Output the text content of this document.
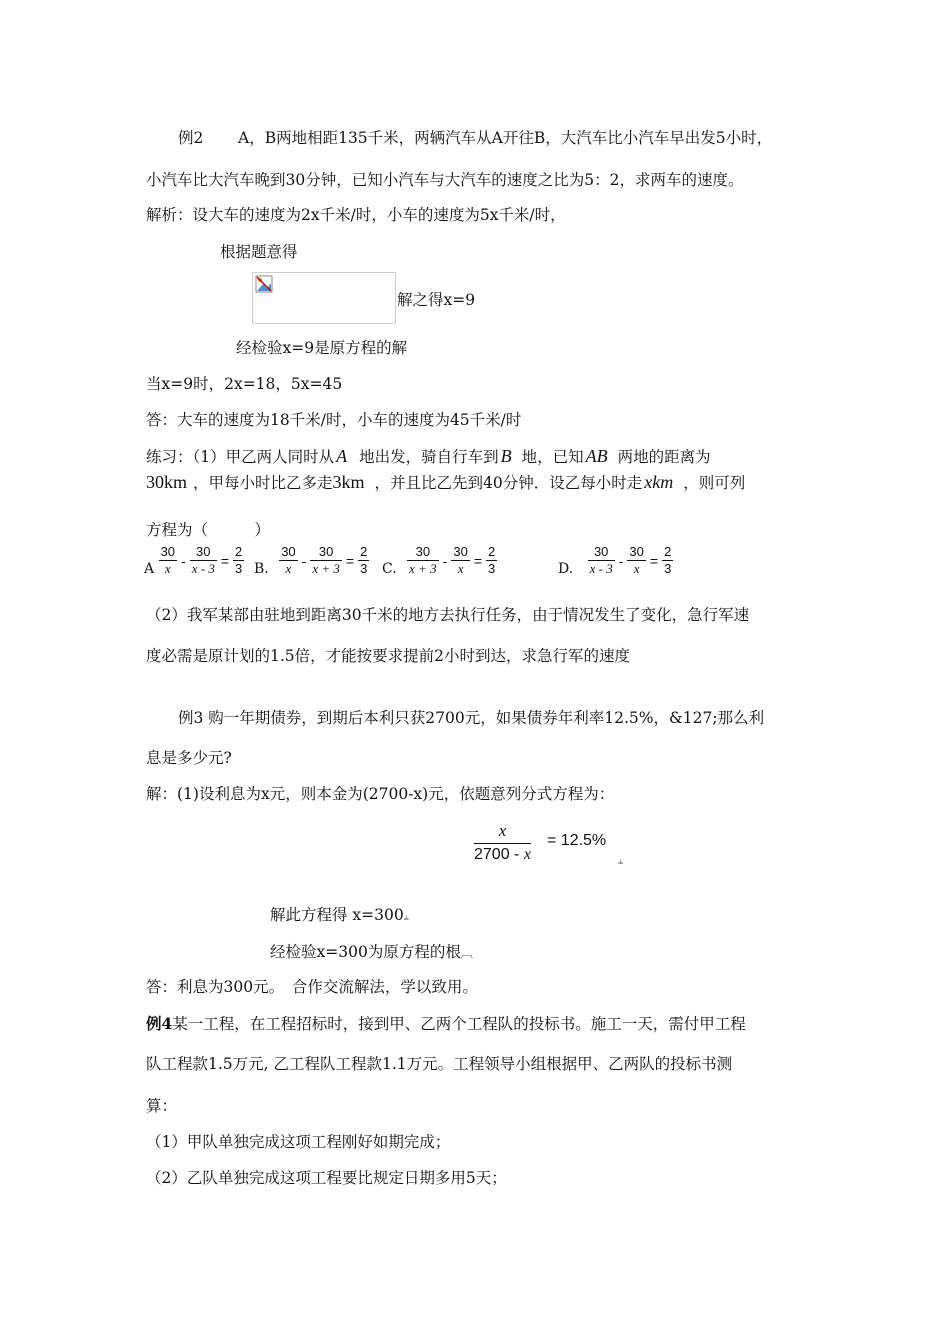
例2 A，B两地相距135千米，两辆汽车从A开往B，大汽车比小汽车早出发5小时，
小汽车比大汽车晚到30分钟，已知小汽车与大汽车的速度之比为5：2，求两车的速度。
解析：设大车的速度为2x千米/时，小车的速度为5x千米/时，
根据题意得
解之得x=9
经检验x=9是原方程的解
当x=9时，2x=18，5x=45
答：大车的速度为18千米/时，小车的速度为45千米/时
练习：（1）甲乙两人同时从 A 地出发，骑自行车到 B 地，已知 AB 两地的距离为
30km ，甲每小时比乙多走3km ，并且比乙先到40分钟．设乙每小时走 xkm ，则可列
方程为（　　　）
A $\frac{30}{x} - \frac{30}{x - 3} = \frac{2}{3} B$. $\frac{30}{x} - \frac{30}{x + 3} = \frac{2}{3} C$. $\frac{30}{x + 3} - \frac{30}{x} = \frac{2}{3}$	D. $\frac{30}{x - 3} - \frac{30}{x} = \frac{2}{3}$
（2）我军某部由驻地到距离30千米的地方去执行任务，由于情况发生了变化，急行军速
度必需是原计划的1.5倍，才能按要求提前2小时到达，求急行军的速度
例3 购一年期债券，到期后本利只获2700元，如果债券年利率12.5%，&127;那么利
息是多少元?
解：(1)设利息为x元，则本金为(2700-x)元，依题意列分式方程为：
x
2700 - x
= 12.5%
⫨
解此方程得 x=300⫨
经检验x=300为原方程的根︹
答：利息为300元。　合作交流解法，学以致用。
例4某一工程，在工程招标时，接到甲、乙两个工程队的投标书。施工一天，需付甲工程
队工程款1.5万元, 乙工程队工程款1.1万元。工程领导小组根据甲、乙两队的投标书测
算：
（1）甲队单独完成这项工程刚好如期完成；
（2）乙队单独完成这项工程要比规定日期多用5天；
